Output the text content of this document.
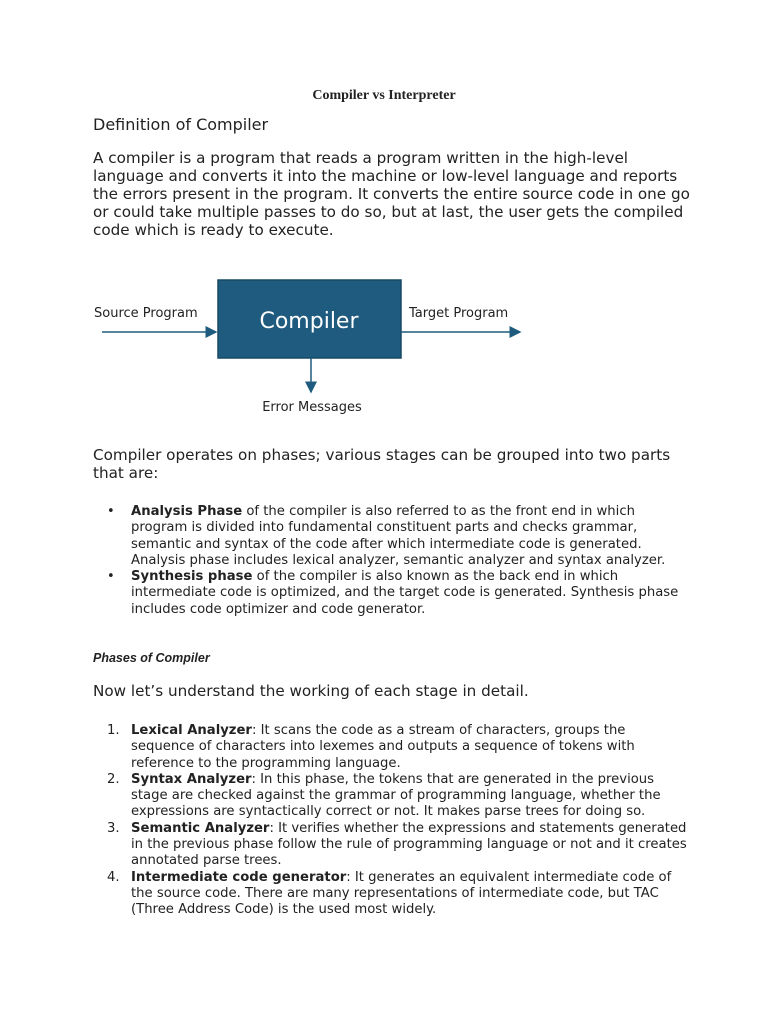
Compiler vs Interpreter
Definition of Compiler

A compiler is a program that reads a program written in the high-level language and converts it into the machine or low-level language and reports the errors present in the program. It converts the entire source code in one go or could take multiple passes to do so, but at last, the user gets the compiled code which is ready to execute.

Compiler
Source Program	Target Program
Error Messages

Compiler operates on phases; various stages can be grouped into two parts that are:

• Analysis Phase of the compiler is also referred to as the front end in which program is divided into fundamental constituent parts and checks grammar, semantic and syntax of the code after which intermediate code is generated. Analysis phase includes lexical analyzer, semantic analyzer and syntax analyzer.
• Synthesis phase of the compiler is also known as the back end in which intermediate code is optimized, and the target code is generated. Synthesis phase includes code optimizer and code generator.
Phases of Compiler

Now let’s understand the working of each stage in detail.

1. Lexical Analyzer: It scans the code as a stream of characters, groups the sequence of characters into lexemes and outputs a sequence of tokens with reference to the programming language.
2. Syntax Analyzer: In this phase, the tokens that are generated in the previous stage are checked against the grammar of programming language, whether the expressions are syntactically correct or not. It makes parse trees for doing so.
3. Semantic Analyzer: It verifies whether the expressions and statements generated in the previous phase follow the rule of programming language or not and it creates annotated parse trees.
4. Intermediate code generator: It generates an equivalent intermediate code of the source code. There are many representations of intermediate code, but TAC (Three Address Code) is the used most widely.
